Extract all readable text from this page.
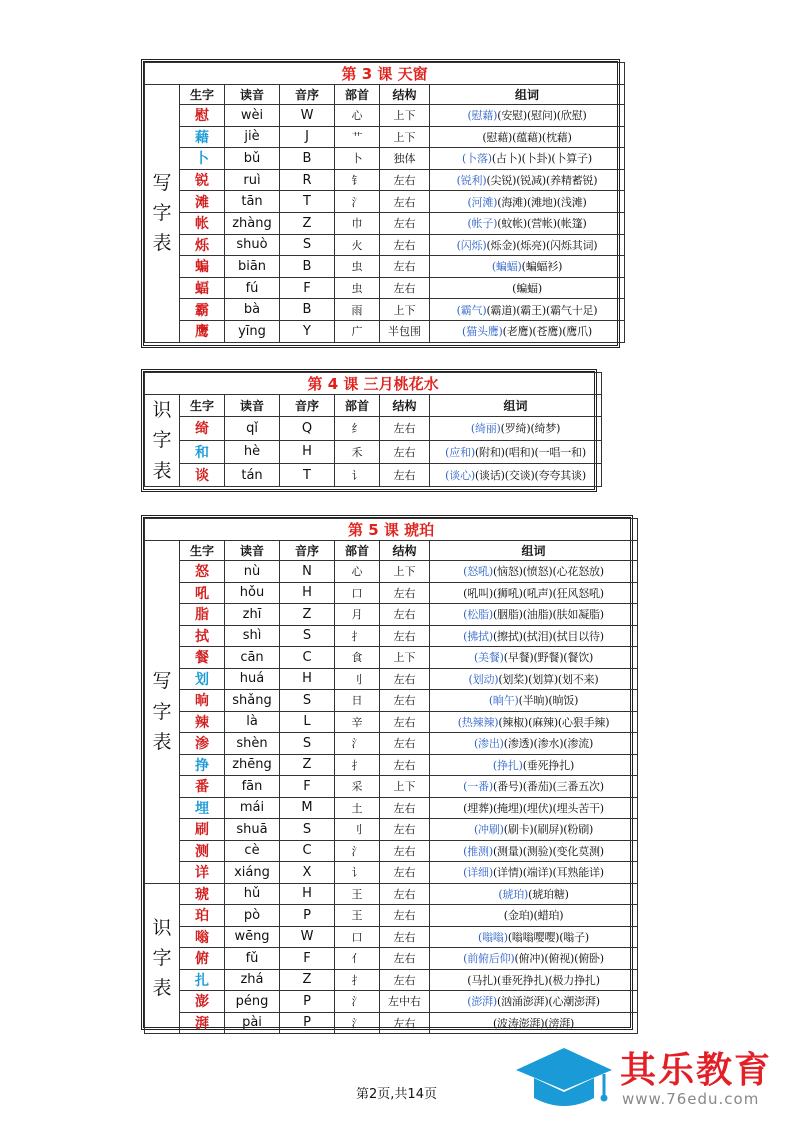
第 3 课 天窗						

写字表	生字	读音	音序	部首	结构	组词
	慰	wèi	W	心	上下	(慰藉)(安慰)(慰问)(欣慰)
	藉	jiè	J	艹	上下	(慰藉)(蕴藉)(枕藉)
	卜	bǔ	B	卜	独体	(卜落)(占卜)(卜卦)(卜算子)
	锐	ruì	R	钅	左右	(锐利)(尖锐)(锐减)(养精蓄锐)
	滩	tān	T	氵	左右	(河滩)(海滩)(滩地)(浅滩)
	帐	zhàng	Z	巾	左右	(帐子)(蚊帐)(营帐)(帐篷)
	烁	shuò	S	火	左右	(闪烁)(烁金)(烁亮)(闪烁其词)
	蝙	biān	B	虫	左右	(蝙蝠)(蝙蝠衫)
	蝠	fú	F	虫	左右	(蝙蝠)
	霸	bà	B	雨	上下	(霸气)(霸道)(霸王)(霸气十足)
	鹰	yīng	Y	广	半包围	(猫头鹰)(老鹰)(苍鹰)(鹰爪)
第 4 课 三月桃花水						

识字表	生字	读音	音序	部首	结构	组词
	绮	qǐ	Q	纟	左右	(绮丽)(罗绮)(绮梦)
	和	hè	H	禾	左右	(应和)(附和)(唱和)(一唱一和)
	谈	tán	T	讠	左右	(谈心)(谈话)(交谈)(夸夸其谈)
第 5 课 琥珀						

写字表	生字	读音	音序	部首	结构	组词
	怒	nù	N	心	上下	(怒吼)(恼怒)(愤怒)(心花怒放)
	吼	hǒu	H	口	左右	(吼叫)(狮吼)(吼声)(狂风怒吼)
	脂	zhī	Z	月	左右	(松脂)(胭脂)(油脂)(肤如凝脂)
	拭	shì	S	扌	左右	(拂拭)(擦拭)(拭泪)(拭目以待)
	餐	cān	C	食	上下	(美餐)(早餐)(野餐)(餐饮)
	划	huá	H	刂	左右	(划动)(划桨)(划算)(划不来)
	晌	shǎng	S	日	左右	(晌午)(半晌)(晌饭)
	辣	là	L	辛	左右	(热辣辣)(辣椒)(麻辣)(心狠手辣)
	渗	shèn	S	氵	左右	(渗出)(渗透)(渗水)(渗流)
	挣	zhēng	Z	扌	左右	(挣扎)(垂死挣扎)
	番	fān	F	采	上下	(一番)(番号)(番茄)(三番五次)
	埋	mái	M	土	左右	(埋葬)(掩埋)(埋伏)(埋头苦干)
	刷	shuā	S	刂	左右	(冲刷)(刷卡)(刷屏)(粉刷)
	测	cè	C	氵	左右	(推测)(测量)(测验)(变化莫测)
	详	xiáng	X	讠	左右	(详细)(详情)(端详)(耳熟能详)

识字表	琥	hǔ	H	王	左右	(琥珀)(琥珀糖)
	珀	pò	P	王	左右	(金珀)(蜡珀)
	嗡	wēng	W	口	左右	(嗡嗡)(嗡嗡嘤嘤)(嗡子)
	俯	fǔ	F	亻	左右	(前俯后仰)(俯冲)(俯视)(俯卧)
	扎	zhá	Z	扌	左右	(马扎)(垂死挣扎)(极力挣扎)
	澎	péng	P	氵	左中右	(澎湃)(汹涌澎湃)(心潮澎湃)
	湃	pài	P	氵	左右	(波涛澎湃)(滂湃)
第2页,共14页
其乐教育
www.76edu.com
